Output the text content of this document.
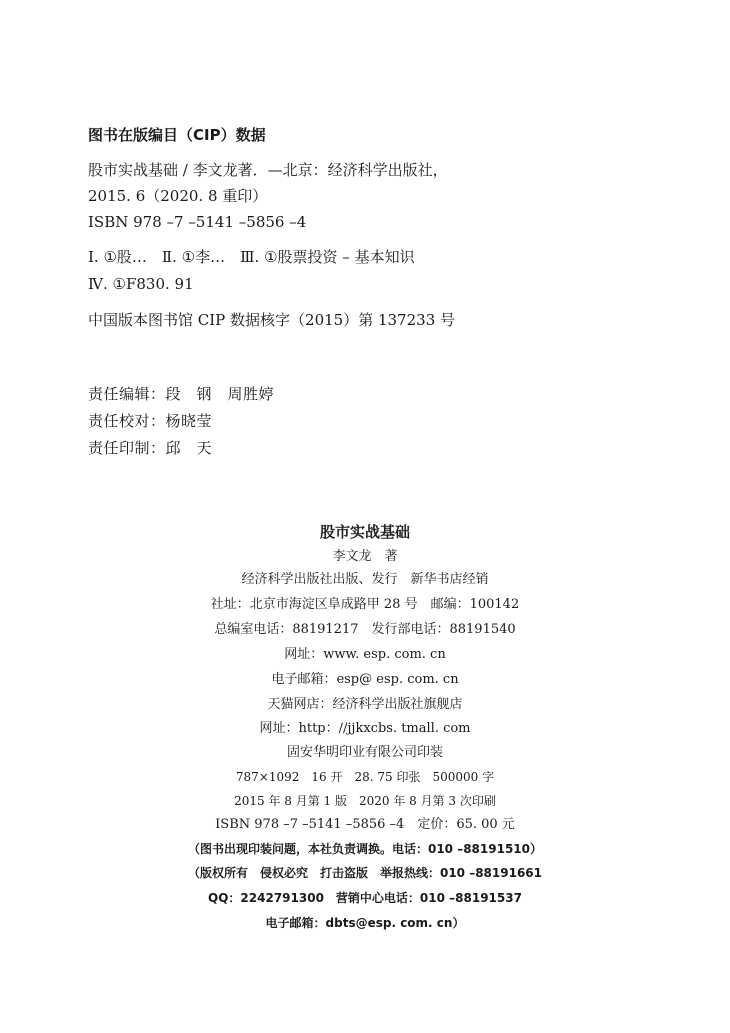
图书在版编目（CIP）数据
股市实战基础 / 李文龙著．—北京：经济科学出版社，
2015. 6（2020. 8 重印）
ISBN 978 –7 –5141 –5856 –4
Ⅰ. ①股…　Ⅱ. ①李…　Ⅲ. ①股票投资 – 基本知识
Ⅳ. ①F830. 91
中国版本图书馆 CIP 数据核字（2015）第 137233 号
责任编辑：段　钢　周胜婷
责任校对：杨晓莹
责任印制：邱　天
股市实战基础
李文龙　著
经济科学出版社出版、发行　新华书店经销
社址：北京市海淀区阜成路甲 28 号　邮编：100142
总编室电话：88191217　发行部电话：88191540
网址：www. esp. com. cn
电子邮箱：esp@ esp. com. cn
天猫网店：经济科学出版社旗舰店
网址：http：//jjkxcbs. tmall. com
固安华明印业有限公司印装
787×1092　16 开　28. 75 印张　500000 字
2015 年 8 月第 1 版　2020 年 8 月第 3 次印刷
ISBN 978 –7 –5141 –5856 –4　定价：65. 00 元
（图书出现印装问题，本社负责调换。电话：010 –88191510）
（版权所有　侵权必究　打击盗版　举报热线：010 –88191661
QQ：2242791300　营销中心电话：010 –88191537
电子邮箱：dbts@esp. com. cn）
